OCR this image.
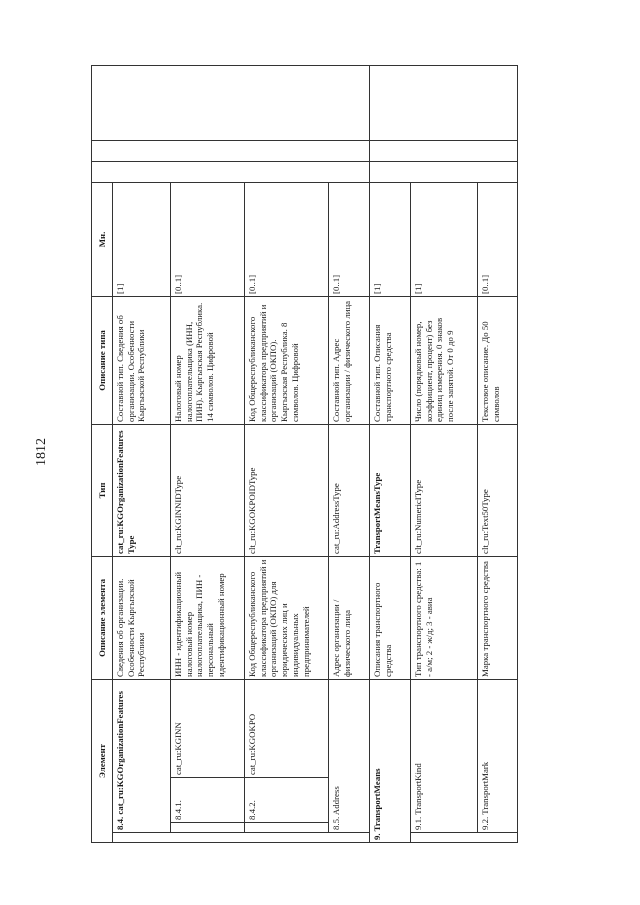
1812
Элемент				Описание элемента	Тип	Описание типа	Мн.			
	8.4. cat_ru:KGOrganizationFeatures			Сведения об организации. Особенности Кыргызской Республики	cat_ru:KGOrganizationFeaturesType	Составной тип. Сведения об организации. Особенности Кыргызской Республики	[1]			
		8.4.1.	cat_ru:KGINN	ИНН - идентификационный налоговый номер налогоплательщика, ПИН - персональный идентификационный номер	clt_ru:KGINNIDType	Налоговый номер налогоплательщика (ИНН, ПИН). Кыргызская Республика. 14 символов. Цифровой	[0..1]			
		8.4.2.	cat_ru:KGOKPO	Код Общереспубликанского классификатора предприятий и организаций (ОКПО) для юридических лиц и индивидуальных предпринимателей	clt_ru:KGOKPOIDType	Код Общереспубликанского классификатора предприятий и организаций (ОКПО). Кыргызская Республика. 8 символов. Цифровой	[0..1]			
	8.5. Address			Адрес организации / физического лица	cat_ru:AddressType	Составной тип. Адрес организации / физического лица	[0..1]			
9. TransportMeans				Описания транспортного средства	TransportMeansType	Составной тип. Описания транспортного средства	[1]			
	9.1. TransportKind			Тип транспортного средства: 1 - а/м; 2 - ж/д; 3 - авиа	clt_ru:NumericIType	Число (порядковый номер, коэффициент, процент) без единиц измерения. 0 знаков после запятой. От 0 до 9	[1]			
	9.2. TransportMark			Марка транспортного средства	clt_ru:Text50Type	Текстовое описание. До 50 символов	[0..1]			
